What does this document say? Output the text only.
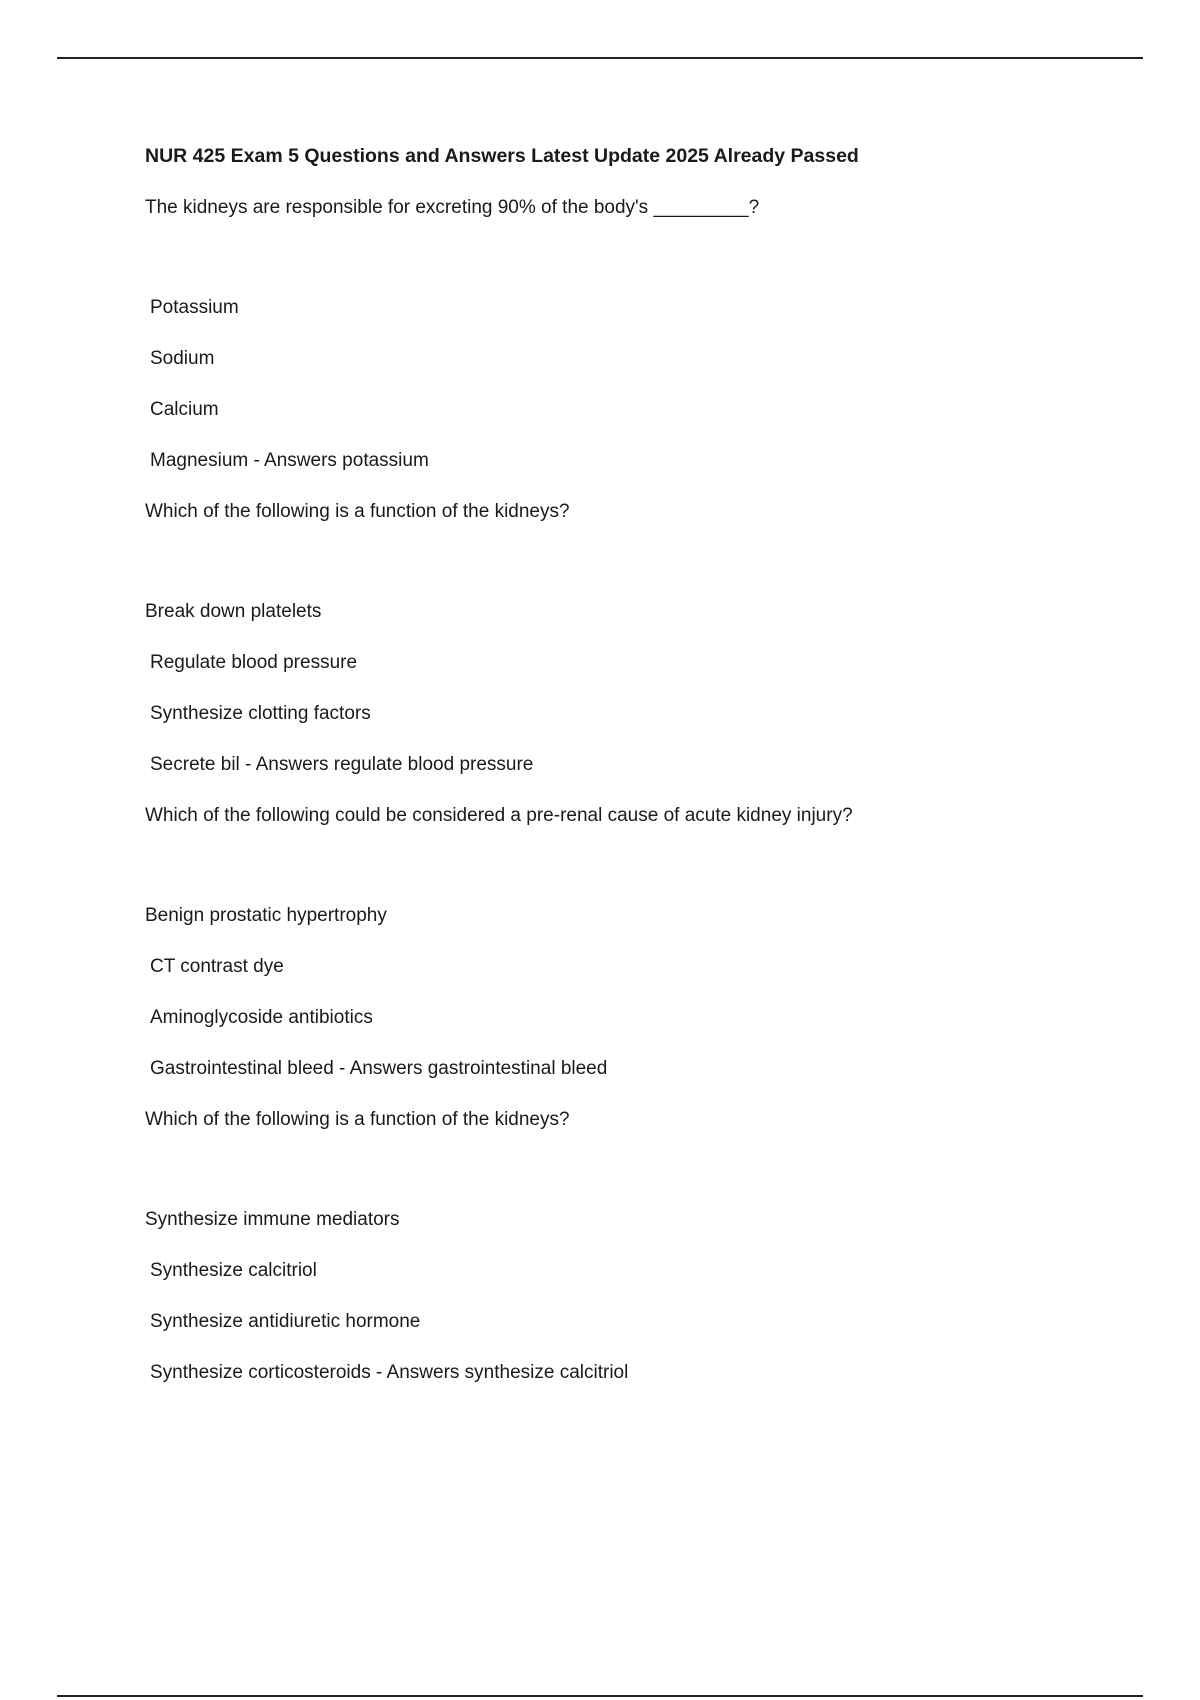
NUR 425 Exam 5 Questions and Answers Latest Update 2025 Already Passed
The kidneys are responsible for excreting 90% of the body's _________?
Potassium
Sodium
Calcium
Magnesium - Answers potassium
Which of the following is a function of the kidneys?
Break down platelets
Regulate blood pressure
Synthesize clotting factors
Secrete bil - Answers regulate blood pressure
Which of the following could be considered a pre-renal cause of acute kidney injury?
Benign prostatic hypertrophy
CT contrast dye
Aminoglycoside antibiotics
Gastrointestinal bleed - Answers gastrointestinal bleed
Which of the following is a function of the kidneys?
Synthesize immune mediators
Synthesize calcitriol
Synthesize antidiuretic hormone
Synthesize corticosteroids - Answers synthesize calcitriol
